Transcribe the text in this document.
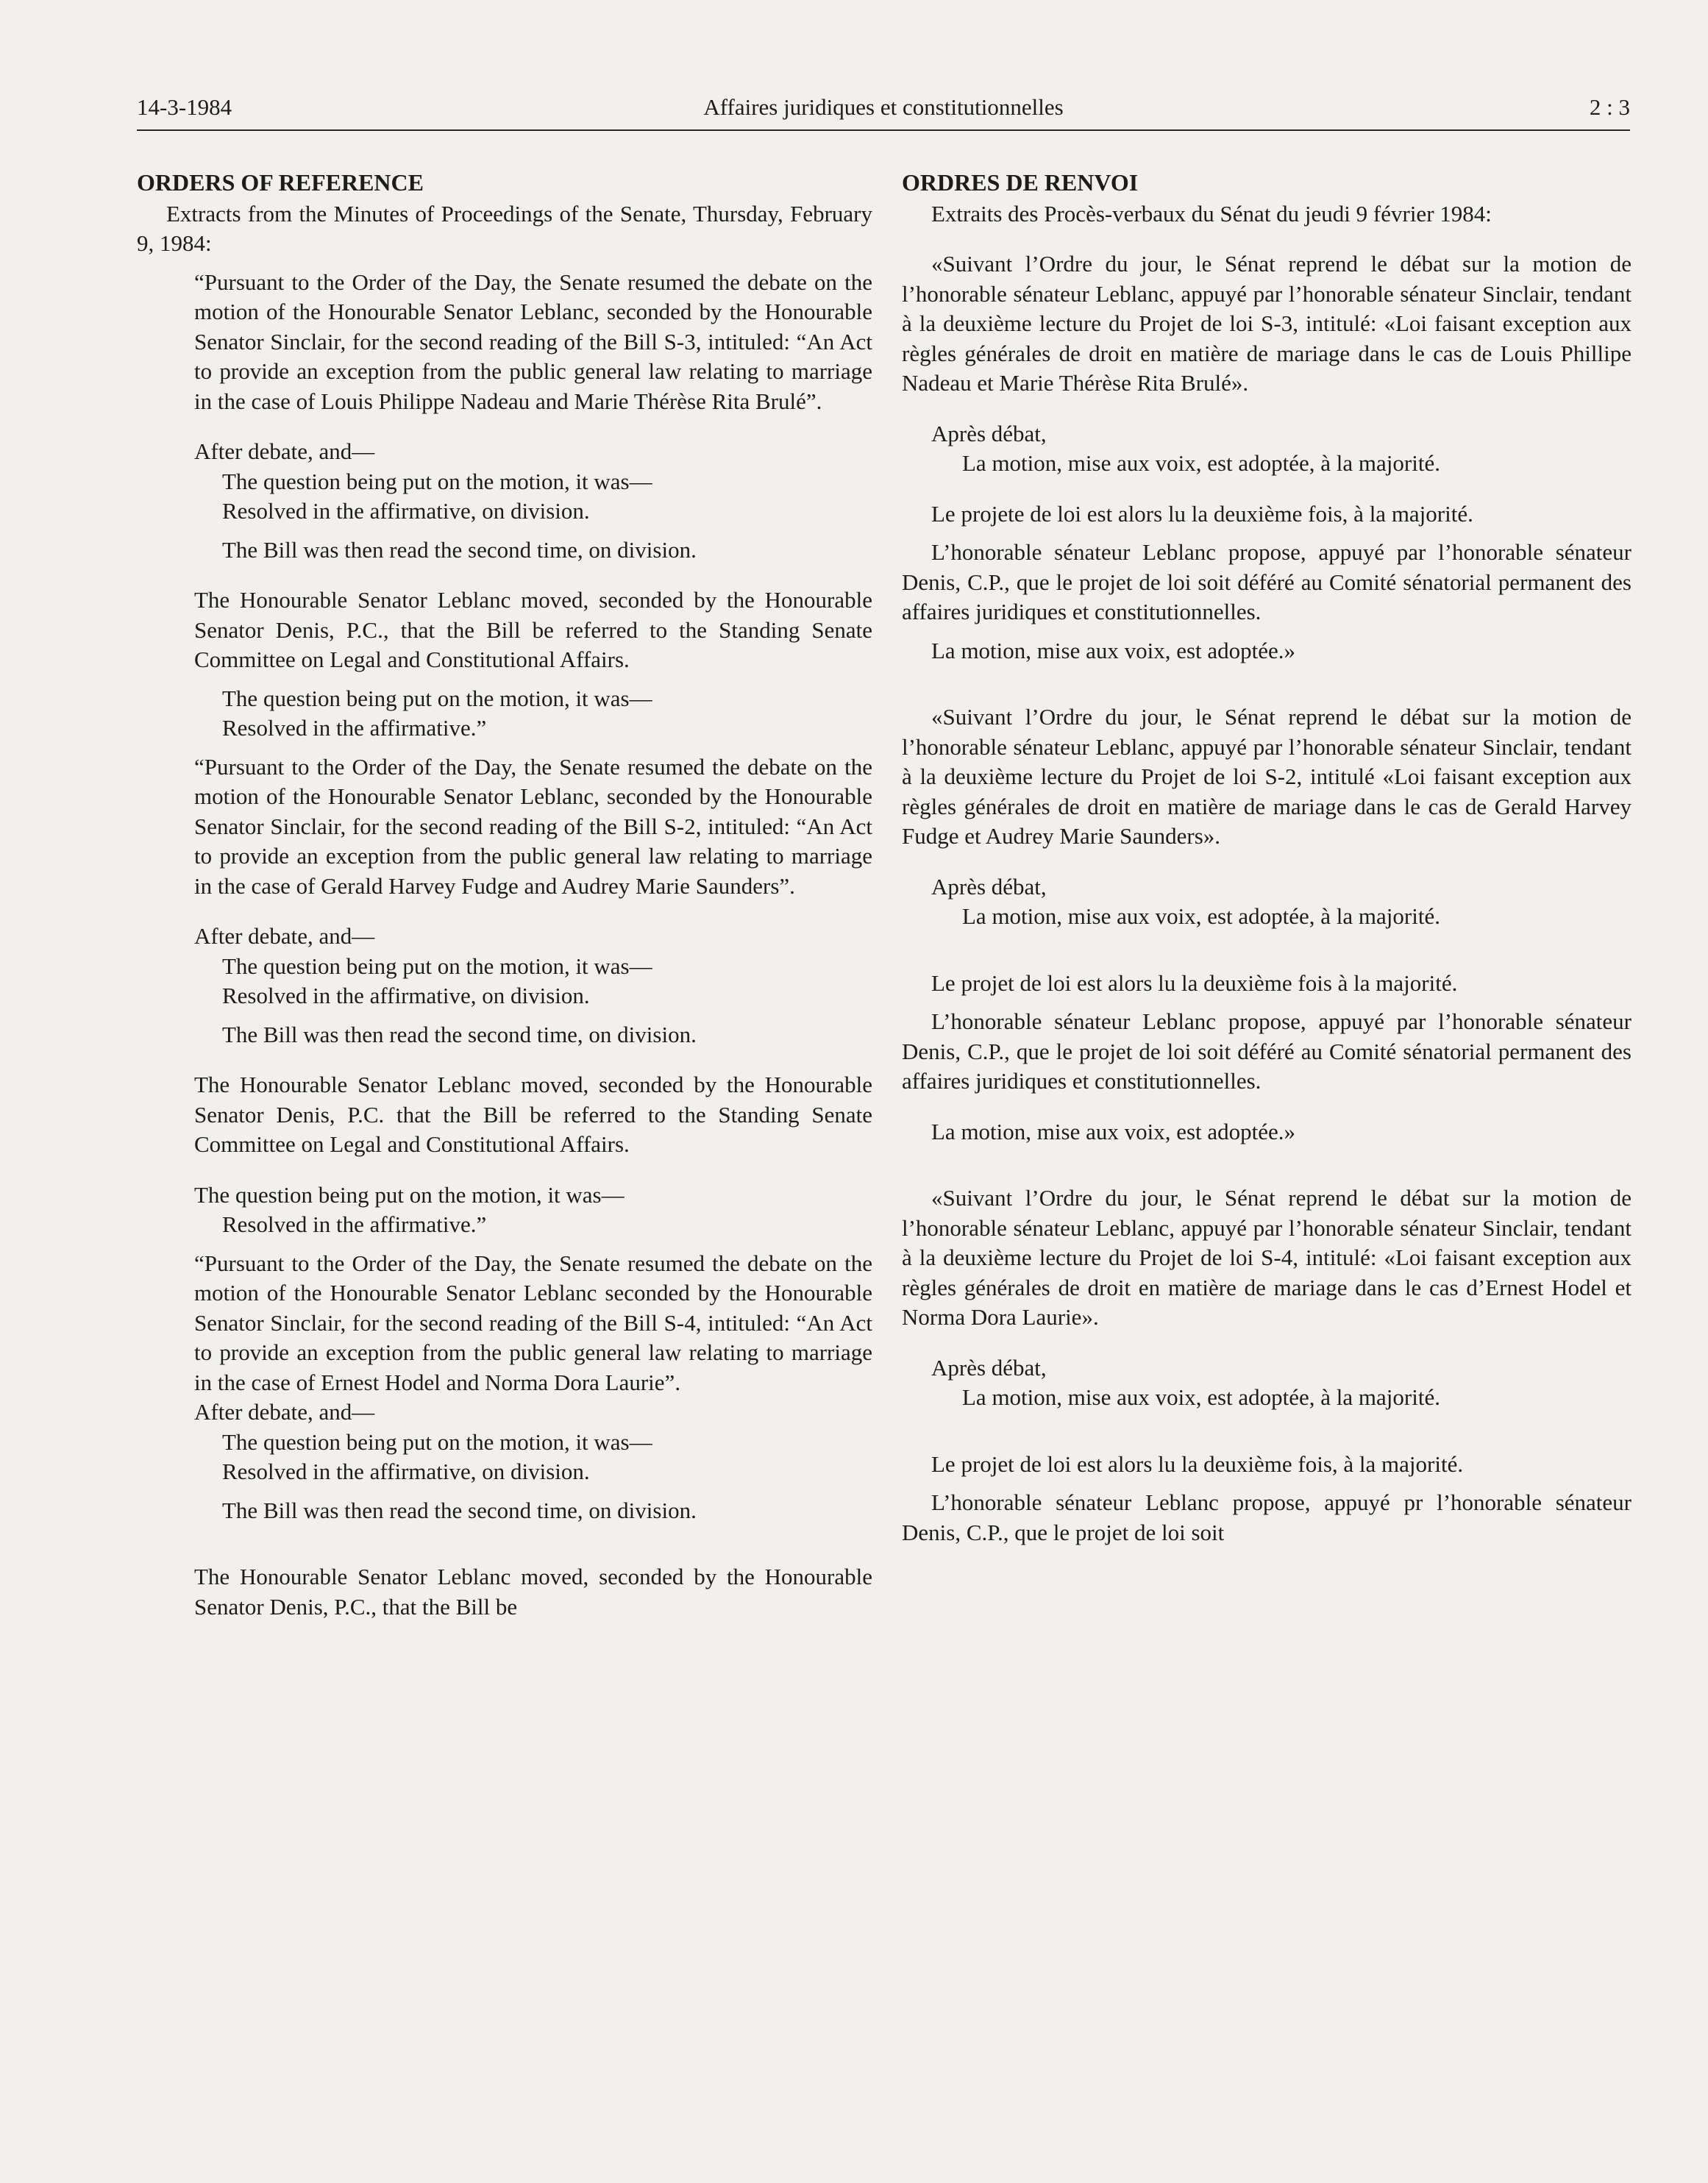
14-3-1984	Affaires juridiques et constitutionnelles	2 : 3

ORDERS OF REFERENCE

Extracts from the Minutes of Proceedings of the Senate, Thursday, February 9, 1984:

“Pursuant to the Order of the Day, the Senate resumed the debate on the motion of the Honourable Senator Leblanc, seconded by the Honourable Senator Sinclair, for the second reading of the Bill S-3, intituled: “An Act to provide an exception from the public general law relating to marriage in the case of Louis Philippe Nadeau and Marie Thérèse Rita Brulé”.

After debate, and—

The question being put on the motion, it was—

Resolved in the affirmative, on division.

The Bill was then read the second time, on division.

The Honourable Senator Leblanc moved, seconded by the Honourable Senator Denis, P.C., that the Bill be referred to the Standing Senate Committee on Legal and Constitutional Affairs.

The question being put on the motion, it was—

Resolved in the affirmative.”

“Pursuant to the Order of the Day, the Senate resumed the debate on the motion of the Honourable Senator Leblanc, seconded by the Honourable Senator Sinclair, for the second reading of the Bill S-2, intituled: “An Act to provide an exception from the public general law relating to marriage in the case of Gerald Harvey Fudge and Audrey Marie Saunders”.

After debate, and—

The question being put on the motion, it was—

Resolved in the affirmative, on division.

The Bill was then read the second time, on division.

The Honourable Senator Leblanc moved, seconded by the Honourable Senator Denis, P.C. that the Bill be referred to the Standing Senate Committee on Legal and Constitutional Affairs.

The question being put on the motion, it was—

Resolved in the affirmative.”

“Pursuant to the Order of the Day, the Senate resumed the debate on the motion of the Honourable Senator Leblanc seconded by the Honourable Senator Sinclair, for the second reading of the Bill S-4, intituled: “An Act to provide an exception from the public general law relating to marriage in the case of Ernest Hodel and Norma Dora Laurie”.

After debate, and—

The question being put on the motion, it was—

Resolved in the affirmative, on division.

The Bill was then read the second time, on division.

The Honourable Senator Leblanc moved, seconded by the Honourable Senator Denis, P.C., that the Bill be

ORDRES DE RENVOI

Extraits des Procès-verbaux du Sénat du jeudi 9 février 1984:

«Suivant l’Ordre du jour, le Sénat reprend le débat sur la motion de l’honorable sénateur Leblanc, appuyé par l’honorable sénateur Sinclair, tendant à la deuxième lecture du Projet de loi S-3, intitulé: «Loi faisant exception aux règles générales de droit en matière de mariage dans le cas de Louis Phillipe Nadeau et Marie Thérèse Rita Brulé».

Après débat,

La motion, mise aux voix, est adoptée, à la majorité.

Le projete de loi est alors lu la deuxième fois, à la majorité.

L’honorable sénateur Leblanc propose, appuyé par l’honorable sénateur Denis, C.P., que le projet de loi soit déféré au Comité sénatorial permanent des affaires juridiques et constitutionnelles.

La motion, mise aux voix, est adoptée.»

«Suivant l’Ordre du jour, le Sénat reprend le débat sur la motion de l’honorable sénateur Leblanc, appuyé par l’honorable sénateur Sinclair, tendant à la deuxième lecture du Projet de loi S-2, intitulé «Loi faisant exception aux règles générales de droit en matière de mariage dans le cas de Gerald Harvey Fudge et Audrey Marie Saunders».

Après débat,

La motion, mise aux voix, est adoptée, à la majorité.

Le projet de loi est alors lu la deuxième fois à la majorité.

L’honorable sénateur Leblanc propose, appuyé par l’honorable sénateur Denis, C.P., que le projet de loi soit déféré au Comité sénatorial permanent des affaires juridiques et constitutionnelles.

La motion, mise aux voix, est adoptée.»

«Suivant l’Ordre du jour, le Sénat reprend le débat sur la motion de l’honorable sénateur Leblanc, appuyé par l’honorable sénateur Sinclair, tendant à la deuxième lecture du Projet de loi S-4, intitulé: «Loi faisant exception aux règles générales de droit en matière de mariage dans le cas d’Ernest Hodel et Norma Dora Laurie».

Après débat,

La motion, mise aux voix, est adoptée, à la majorité.

Le projet de loi est alors lu la deuxième fois, à la majorité.

L’honorable sénateur Leblanc propose, appuyé pr l’honorable sénateur Denis, C.P., que le projet de loi soit
